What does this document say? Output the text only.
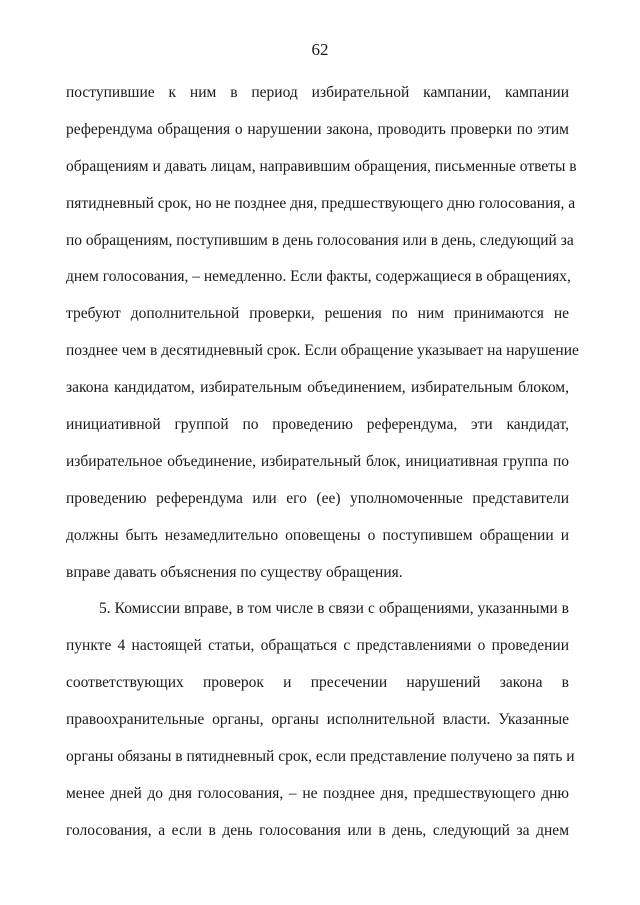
62
поступившие к ним в период избирательной кампании, кампании
референдума обращения о нарушении закона, проводить проверки по этим
обращениям и давать лицам, направившим обращения, письменные ответы в
пятидневный срок, но не позднее дня, предшествующего дню голосования, а
по обращениям, поступившим в день голосования или в день, следующий за
днем голосования, – немедленно. Если факты, содержащиеся в обращениях,
требуют дополнительной проверки, решения по ним принимаются не
позднее чем в десятидневный срок. Если обращение указывает на нарушение
закона кандидатом, избирательным объединением, избирательным блоком,
инициативной группой по проведению референдума, эти кандидат,
избирательное объединение, избирательный блок, инициативная группа по
проведению референдума или его (ее) уполномоченные представители
должны быть незамедлительно оповещены о поступившем обращении и
вправе давать объяснения по существу обращения.
5. Комиссии вправе, в том числе в связи с обращениями, указанными в
пункте 4 настоящей статьи, обращаться с представлениями о проведении
соответствующих проверок и пресечении нарушений закона в
правоохранительные органы, органы исполнительной власти. Указанные
органы обязаны в пятидневный срок, если представление получено за пять и
менее дней до дня голосования, – не позднее дня, предшествующего дню
голосования, а если в день голосования или в день, следующий за днем
